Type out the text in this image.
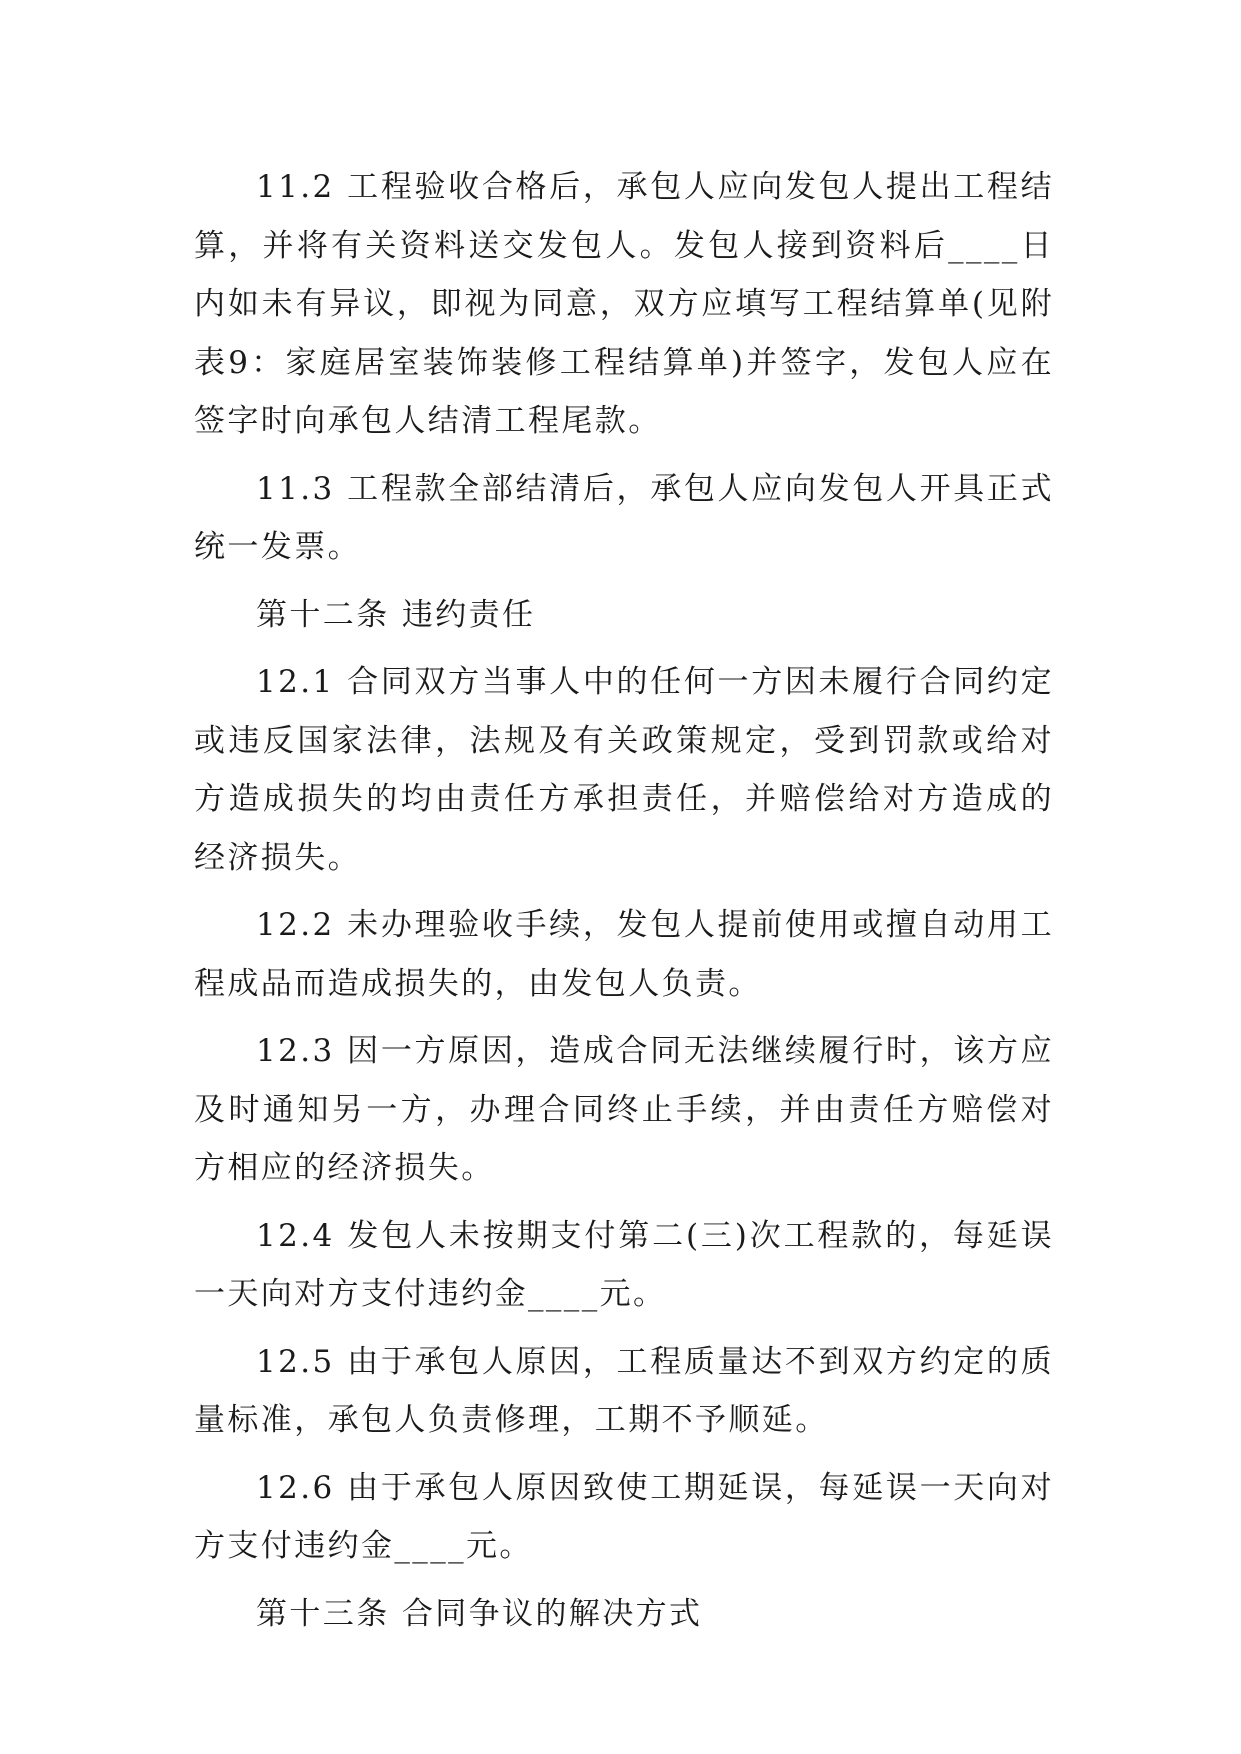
11.2 工程验收合格后，承包人应向发包人提出工程结算，并将有关资料送交发包人。发包人接到资料后____日内如未有异议，即视为同意，双方应填写工程结算单(见附表9：家庭居室装饰装修工程结算单)并签字，发包人应在签字时向承包人结清工程尾款。

11.3 工程款全部结清后，承包人应向发包人开具正式统一发票。

第十二条 违约责任

12.1 合同双方当事人中的任何一方因未履行合同约定或违反国家法律，法规及有关政策规定，受到罚款或给对方造成损失的均由责任方承担责任，并赔偿给对方造成的经济损失。

12.2 未办理验收手续，发包人提前使用或擅自动用工程成品而造成损失的，由发包人负责。

12.3 因一方原因，造成合同无法继续履行时，该方应及时通知另一方，办理合同终止手续，并由责任方赔偿对方相应的经济损失。

12.4 发包人未按期支付第二(三)次工程款的，每延误一天向对方支付违约金____元。

12.5 由于承包人原因，工程质量达不到双方约定的质量标准，承包人负责修理，工期不予顺延。

12.6 由于承包人原因致使工期延误，每延误一天向对方支付违约金____元。

第十三条 合同争议的解决方式
